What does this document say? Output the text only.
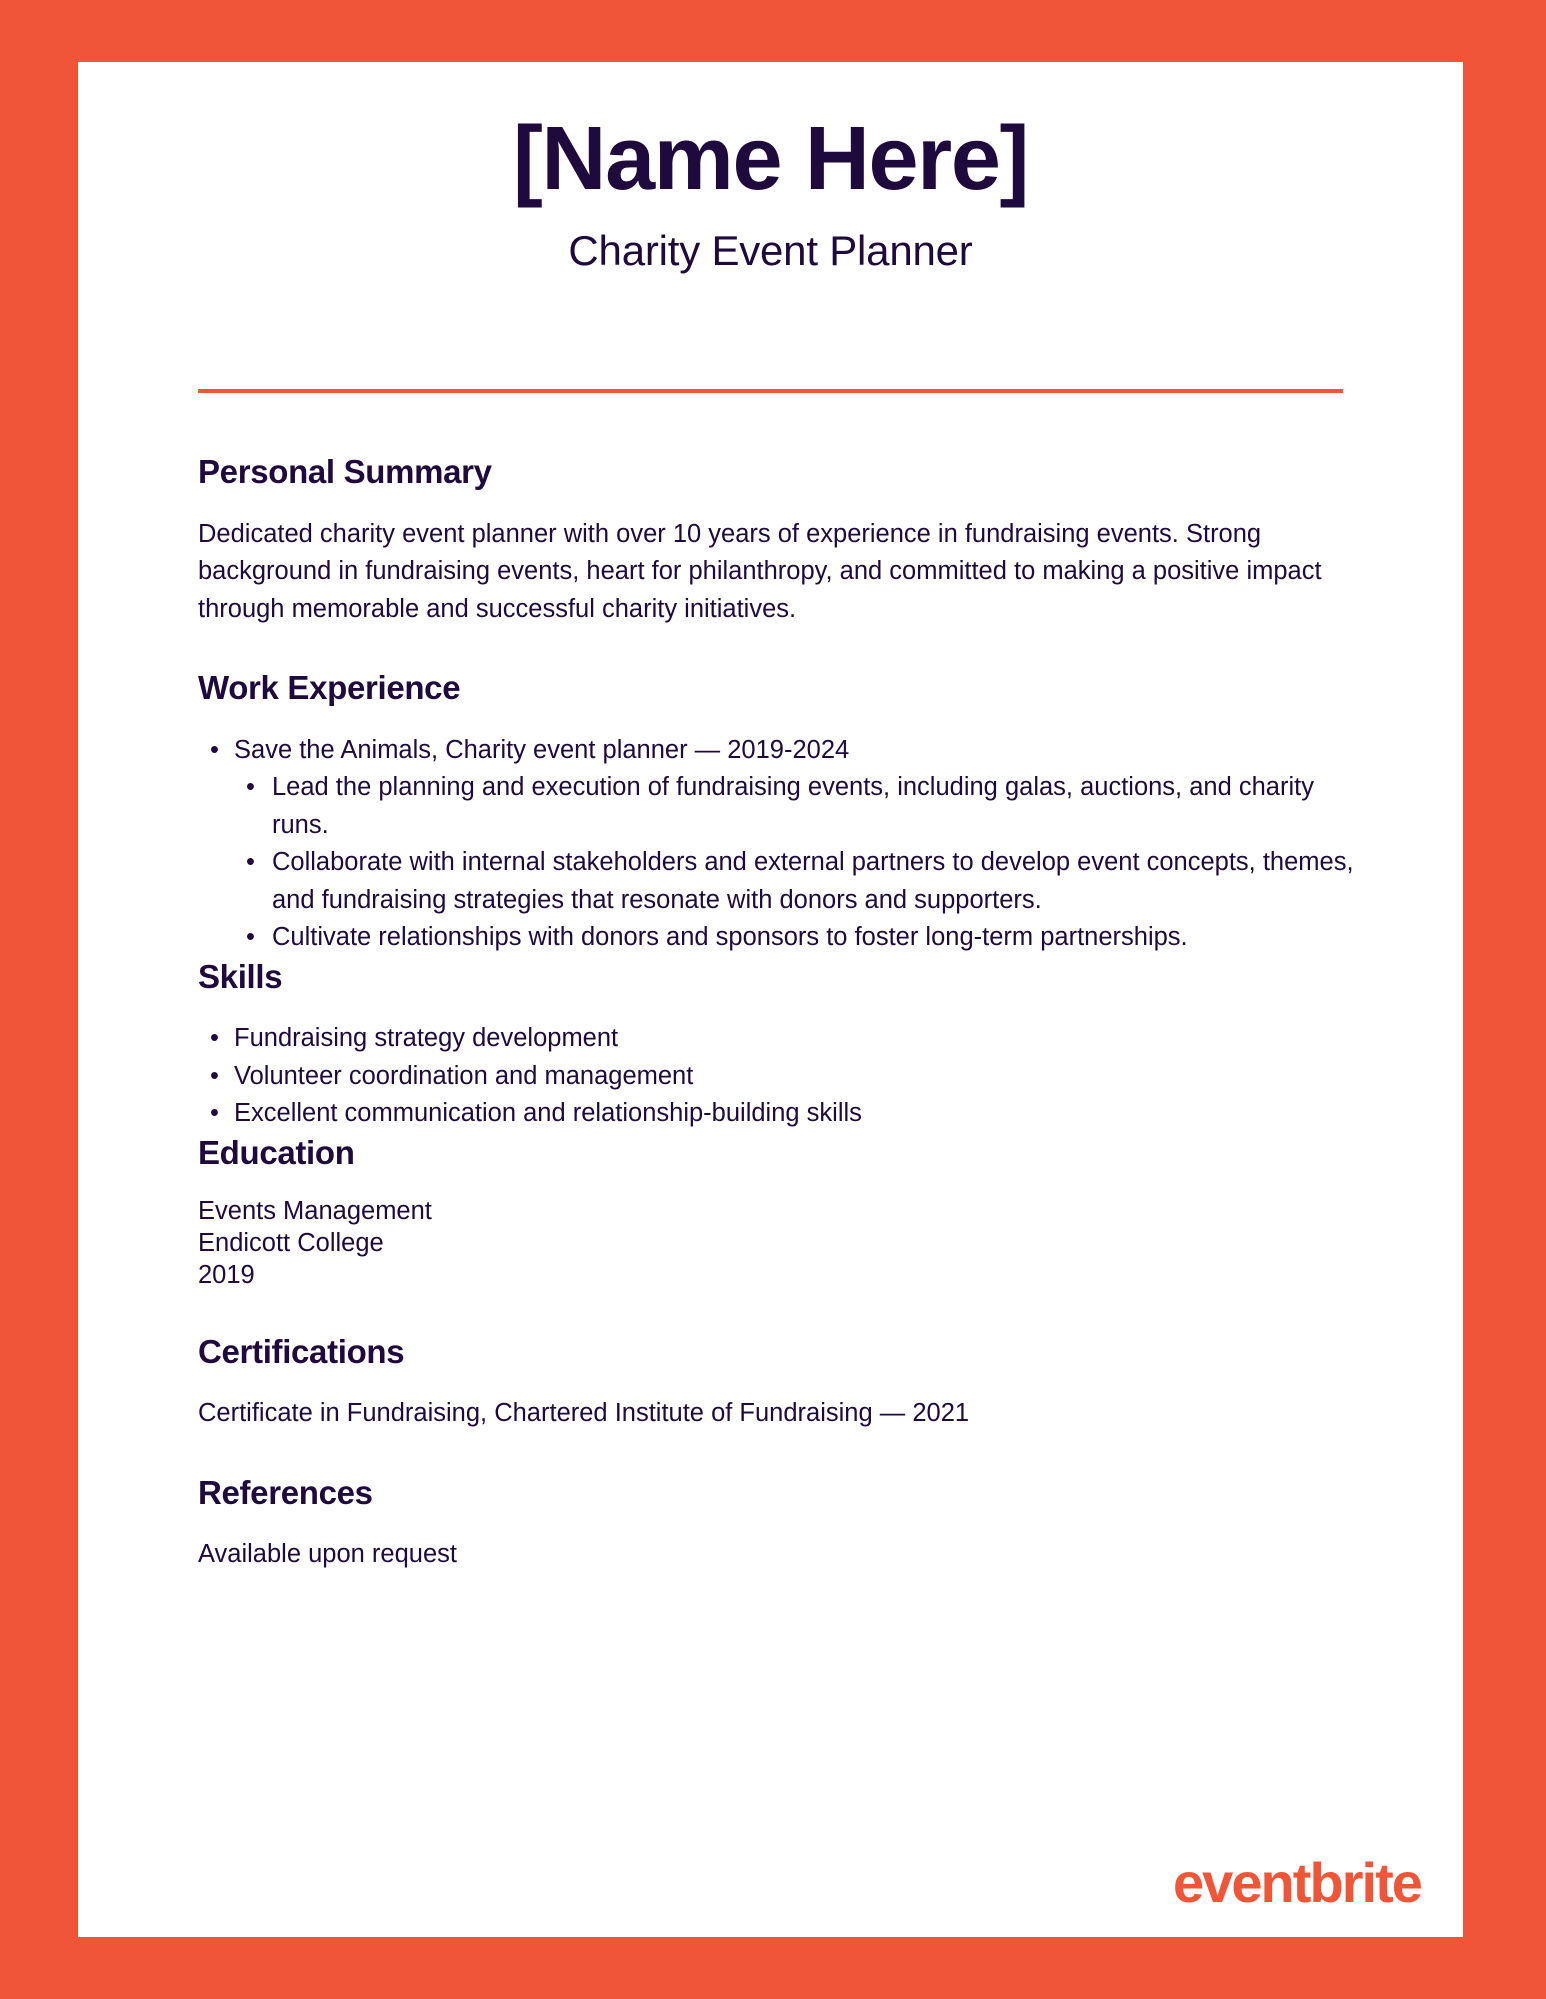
[Name Here]
Charity Event Planner
Personal Summary

Dedicated charity event planner with over 10 years of experience in fundraising events. Strong background in fundraising events, heart for philanthropy, and committed to making a positive impact through memorable and successful charity initiatives.

Work Experience
• Save the Animals, Charity event planner — 2019-2024
• Lead the planning and execution of fundraising events, including galas, auctions, and charity runs.
• Collaborate with internal stakeholders and external partners to develop event concepts, themes, and fundraising strategies that resonate with donors and supporters.
• Cultivate relationships with donors and sponsors to foster long-term partnerships.
Skills
• Fundraising strategy development
• Volunteer coordination and management
• Excellent communication and relationship-building skills
Education
Events Management
Endicott College
2019
Certifications

Certificate in Fundraising, Chartered Institute of Fundraising — 2021

References

Available upon request

eventbrite
